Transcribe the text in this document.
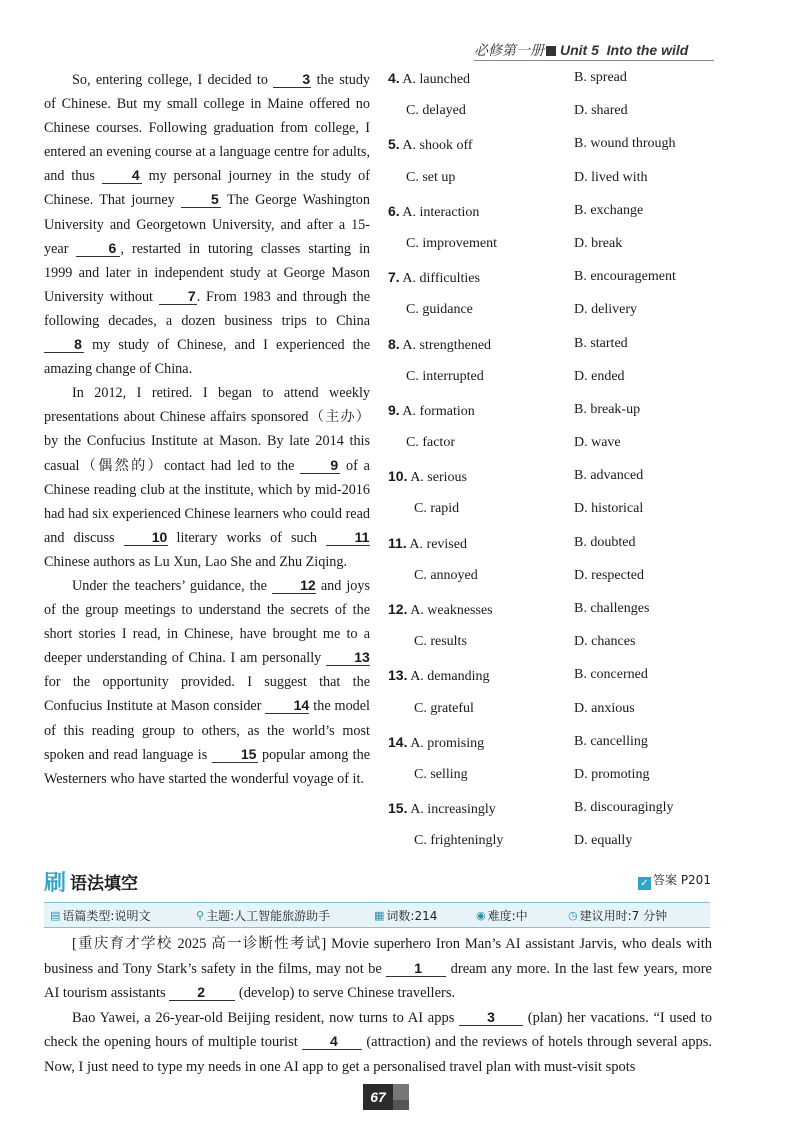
必修第一册 Unit 5 Into the wild

So, entering college, I decided to 3 the study of Chinese. But my small college in Maine offered no Chinese courses. Following graduation from college, I entered an evening course at a language centre for adults, and thus 4 my personal journey in the study of Chinese. That journey 5 The George Washington University and Georgetown University, and after a 15-year 6 , restarted in tutoring classes starting in 1999 and later in independent study at George Mason University without 7. From 1983 and through the following decades, a dozen business trips to China 8 my study of Chinese, and I experienced the amazing change of China.

In 2012, I retired. I began to attend weekly presentations about Chinese affairs sponsored（主办）by the Confucius Institute at Mason. By late 2014 this casual（偶然的）contact had led to the 9 of a Chinese reading club at the institute, which by mid-2016 had had six experienced Chinese learners who could read and discuss 10 literary works of such 11 Chinese authors as Lu Xun, Lao She and Zhu Ziqing.

Under the teachers’ guidance, the 12 and joys of the group meetings to understand the secrets of the short stories I read, in Chinese, have brought me to a deeper understanding of China. I am personally 13 for the opportunity provided. I suggest that the Confucius Institute at Mason consider 14 the model of this reading group to others, as the world’s most spoken and read language is 15 popular among the Westerners who have started the wonderful voyage of it.

4. A. launched	B. spread
C. delayed	D. shared
5. A. shook off	B. wound through
C. set up	D. lived with
6. A. interaction	B. exchange
C. improvement	D. break
7. A. difficulties	B. encouragement
C. guidance	D. delivery
8. A. strengthened	B. started
C. interrupted	D. ended
9. A. formation	B. break-up
C. factor	D. wave
10. A. serious	B. advanced
C. rapid	D. historical
11. A. revised	B. doubted
C. annoyed	D. respected
12. A. weaknesses	B. challenges
C. results	D. chances
13. A. demanding	B. concerned
C. grateful	D. anxious
14. A. promising	B. cancelling
C. selling	D. promoting
15. A. increasingly	B. discouragingly
C. frighteningly	D. equally
刷 语法填空	✓ 答案 P201
▤ 语篇类型:说明文	⚲ 主题:人工智能旅游助手	▦ 词数:214	◉ 难度:中	◷ 建议用时:7 分钟

[重庆育才学校 2025 高一诊断性考试] Movie superhero Iron Man’s AI assistant Jarvis, who deals with business and Tony Stark’s safety in the films, may not be 1 dream any more. In the last few years, more AI tourism assistants 2 (develop) to serve Chinese travellers.

Bao Yawei, a 26-year-old Beijing resident, now turns to AI apps 3 (plan) her vacations. “I used to check the opening hours of multiple tourist 4 (attraction) and the reviews of hotels through several apps. Now, I just need to type my needs in one AI app to get a personalised travel plan with must-visit spots

67
